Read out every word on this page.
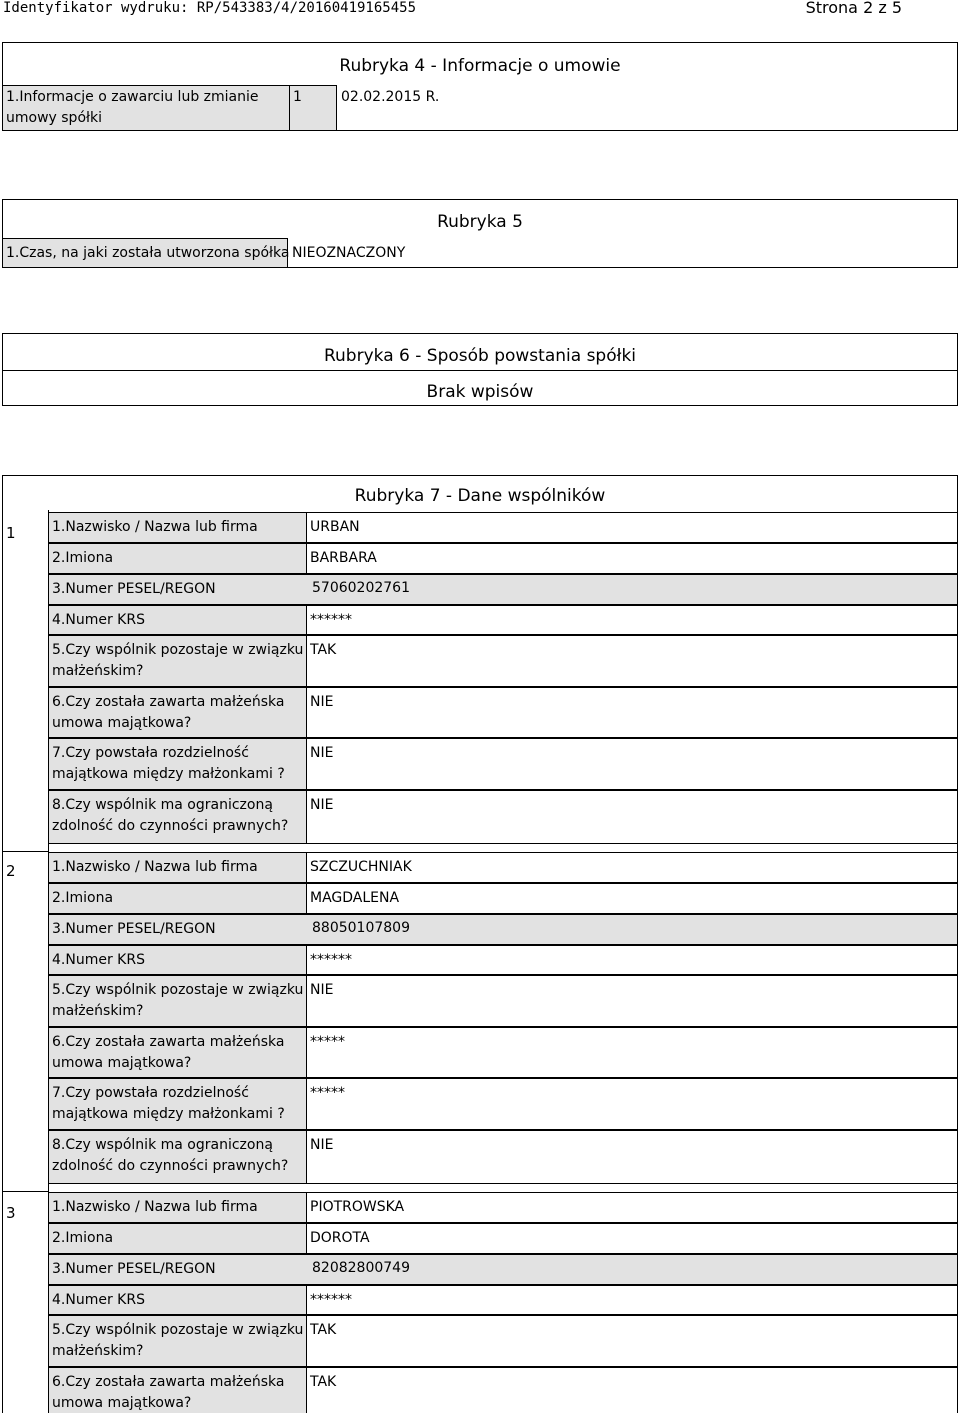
Identyfikator wydruku: RP/543383/4/20160419165455	Strona 2 z 5
Rubryka 4 - Informacje o umowie
1.Informacje o zawarciu lub zmianie umowy spółki
1	02.02.2015 R.
Rubryka 5
1.Czas, na jaki została utworzona spółka NIEOZNACZONY
Rubryka 6 - Sposób powstania spółki
Brak wpisów
Rubryka 7 - Dane wspólników
1	1.Nazwisko / Nazwa lub firma	URBAN
2.Imiona	BARBARA
3.Numer PESEL/REGON	57060202761
4.Numer KRS	******
5.Czy wspólnik pozostaje w związku małżeńskim?
TAK
6.Czy została zawarta małżeńska umowa majątkowa?
NIE
7.Czy powstała rozdzielność majątkowa między małżonkami ?
NIE
8.Czy wspólnik ma ograniczoną zdolność do czynności prawnych?
NIE
2	1.Nazwisko / Nazwa lub firma	SZCZUCHNIAK
2.Imiona	MAGDALENA
3.Numer PESEL/REGON	88050107809
4.Numer KRS	******
5.Czy wspólnik pozostaje w związku małżeńskim?
NIE
6.Czy została zawarta małżeńska umowa majątkowa?
*****
7.Czy powstała rozdzielność majątkowa między małżonkami ?
*****
8.Czy wspólnik ma ograniczoną zdolność do czynności prawnych?
NIE
3	1.Nazwisko / Nazwa lub firma	PIOTROWSKA
2.Imiona	DOROTA
3.Numer PESEL/REGON	82082800749
4.Numer KRS	******
5.Czy wspólnik pozostaje w związku małżeńskim?
TAK
6.Czy została zawarta małżeńska umowa majątkowa?
TAK
